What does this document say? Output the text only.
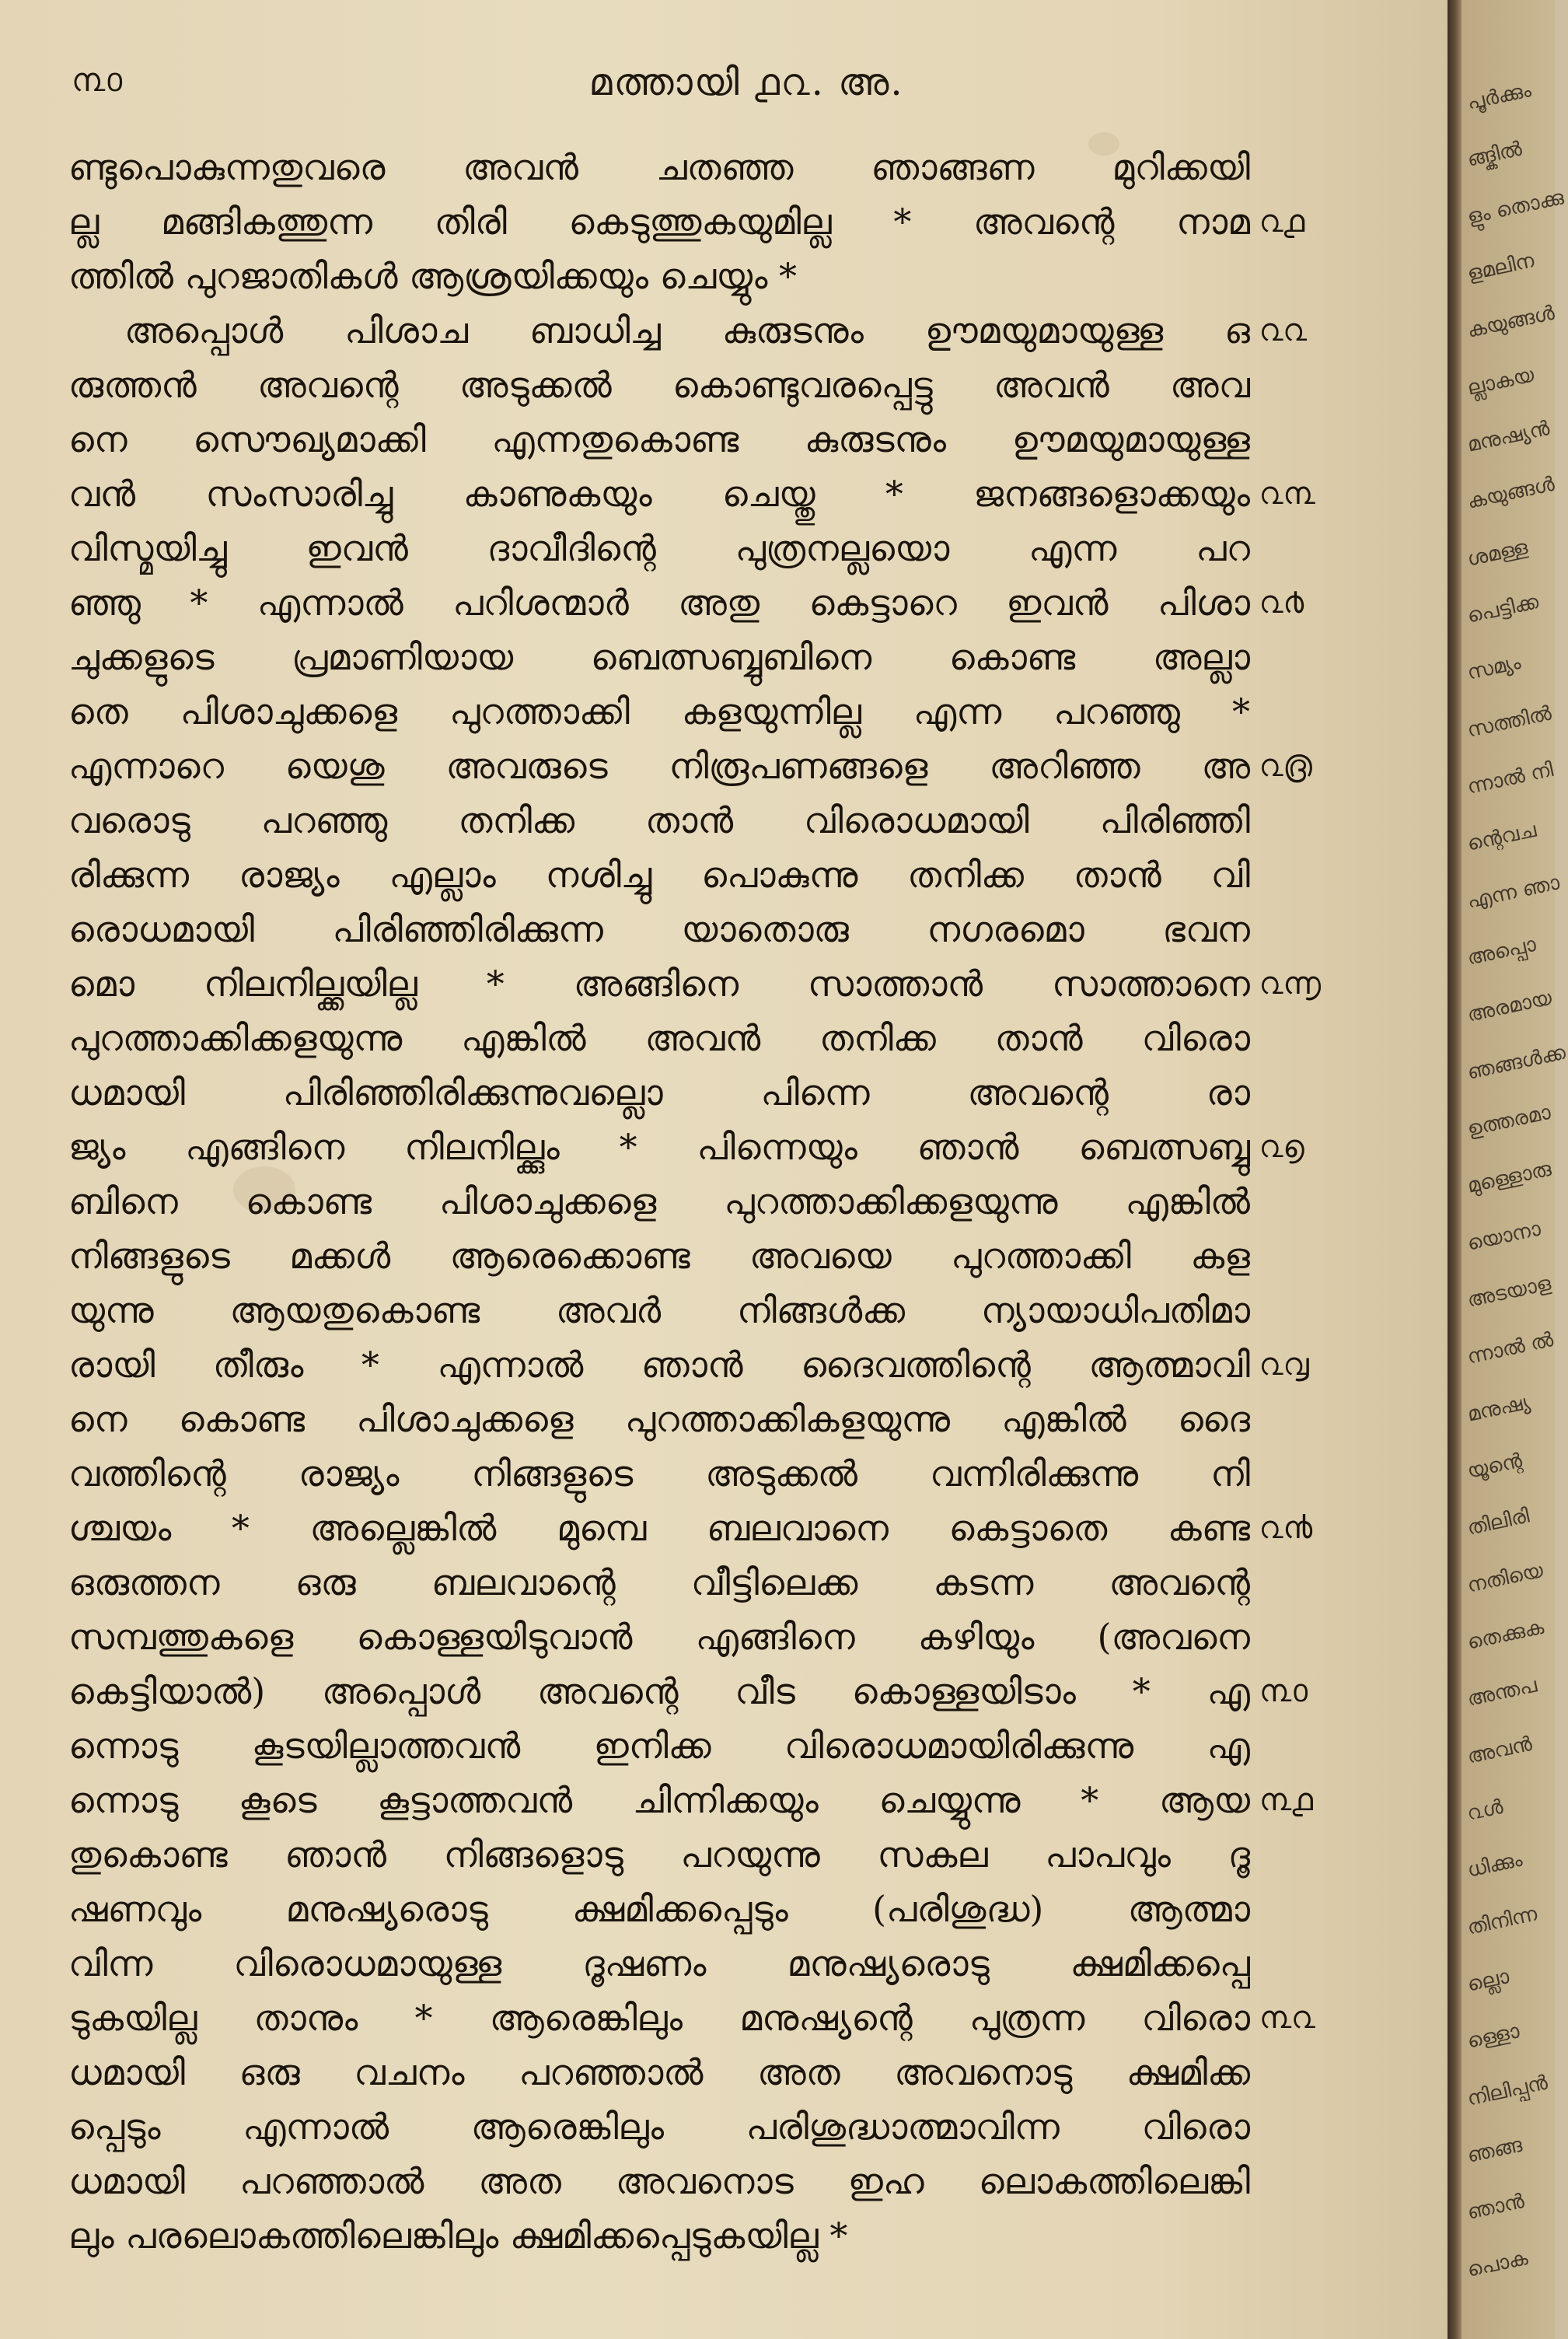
൩൦	മത്തായി ൧൨. അ.
ണ്ടുപൊകുന്നതുവരെ അവൻ ചതഞ്ഞ ഞാങ്ങണ മുറിക്കയി
ല്ല മങ്ങികത്തുന്ന തിരി കെടുത്തുകയുമില്ല * അവന്റെ നാമ
ത്തിൽ പുറജാതികൾ ആശ്രയിക്കയും ചെയ്യും *
അപ്പൊൾ പിശാച ബാധിച്ച കുരുടനും ഊമയുമായുള്ള ഒ
രുത്തൻ അവന്റെ അടുക്കൽ കൊണ്ടുവരപ്പെട്ടു അവൻ അവ
നെ സൌഖ്യമാക്കി എന്നതുകൊണ്ട കുരുടനും ഊമയുമായുള്ള
വൻ സംസാരിച്ചു കാണുകയും ചെയ്തു * ജനങ്ങളൊക്കയും
വിസ്മയിച്ചു ഇവൻ ദാവീദിന്റെ പുത്രനല്ലയൊ എന്ന പറ
ഞ്ഞു * എന്നാൽ പറിശന്മാർ അതു കെട്ടാറെ ഇവൻ പിശാ
ചുക്കളുടെ പ്രമാണിയായ ബെത്സബ്ബുബിനെ കൊണ്ട അല്ലാ
തെ പിശാചുക്കളെ പുറത്താക്കി കളയുന്നില്ല എന്ന പറഞ്ഞു *
എന്നാറെ യെശു അവരുടെ നിരൂപണങ്ങളെ അറിഞ്ഞ അ
വരൊടു പറഞ്ഞു തനിക്ക താൻ വിരൊധമായി പിരിഞ്ഞി
രിക്കുന്ന രാജ്യം എല്ലാം നശിച്ചു പൊകുന്നു തനിക്ക താൻ വി
രൊധമായി പിരിഞ്ഞിരിക്കുന്ന യാതൊരു നഗരമൊ ഭവന
മൊ നിലനില്ക്കയില്ല * അങ്ങിനെ സാത്താൻ സാത്താനെ
പുറത്താക്കിക്കളയുന്നു എങ്കിൽ അവൻ തനിക്ക താൻ വിരൊ
ധമായി പിരിഞ്ഞിരിക്കുന്നുവല്ലൊ പിന്നെ അവന്റെ രാ
ജ്യം എങ്ങിനെ നിലനില്ക്കും * പിന്നെയും ഞാൻ ബെത്സബ്ബു
ബിനെ കൊണ്ട പിശാചുക്കളെ പുറത്താക്കിക്കളയുന്നു എങ്കിൽ
നിങ്ങളുടെ മക്കൾ ആരെക്കൊണ്ട അവയെ പുറത്താക്കി കള
യുന്നു ആയതുകൊണ്ട അവർ നിങ്ങൾക്ക ന്യായാധിപതിമാ
രായി തീരും * എന്നാൽ ഞാൻ ദൈവത്തിന്റെ ആത്മാവി
നെ കൊണ്ട പിശാചുക്കളെ പുറത്താക്കികളയുന്നു എങ്കിൽ ദൈ
വത്തിന്റെ രാജ്യം നിങ്ങളുടെ അടുക്കൽ വന്നിരിക്കുന്നു നി
ശ്ചയം * അല്ലെങ്കിൽ മുമ്പെ ബലവാനെ കെട്ടാതെ കണ്ട
ഒരുത്തന ഒരു ബലവാന്റെ വീട്ടിലെക്ക കടന്ന അവന്റെ
സമ്പത്തുകളെ കൊള്ളയിടുവാൻ എങ്ങിനെ കഴിയും (അവനെ
കെട്ടിയാൽ) അപ്പൊൾ അവന്റെ വീട കൊള്ളയിടാം * എ
ന്നൊടു കൂടയില്ലാത്തവൻ ഇനിക്ക വിരൊധമായിരിക്കുന്നു എ
ന്നൊടു കൂടെ കൂട്ടാത്തവൻ ചിന്നിക്കയും ചെയ്യുന്നു * ആയ
തുകൊണ്ട ഞാൻ നിങ്ങളൊടു പറയുന്നു സകല പാപവും ദൂ
ഷണവും മനുഷ്യരൊടു ക്ഷമിക്കപ്പെടും (പരിശുദ്ധ) ആത്മാ
വിന്ന വിരൊധമായുള്ള ദൂഷണം മനുഷ്യരൊടു ക്ഷമിക്കപ്പെ
ടുകയില്ല താനും * ആരെങ്കിലും മനുഷ്യന്റെ പുത്രന്ന വിരൊ
ധമായി ഒരു വചനം പറഞ്ഞാൽ അത അവനൊടു ക്ഷമിക്ക
പ്പെടും എന്നാൽ ആരെങ്കിലും പരിശുദ്ധാത്മാവിന്ന വിരൊ
ധമായി പറഞ്ഞാൽ അത അവനൊട ഇഹ ലൊകത്തിലെങ്കി
ലും പരലൊകത്തിലെങ്കിലും ക്ഷമിക്കപ്പെടുകയില്ല *
൨൧
൨൨
൨൩
൨൪
൨൫
൨൬
൨൭
൨൮
൨൯
൩൦
൩൧
൩൨
പൂർക്കും
ങ്ങ്കിൽ
ളും തൊക്കു
ളമലിന
കയുങ്ങൾ
ല്ലാകയ
മനുഷ്യൻ
കയുങ്ങൾ
ശമള്ള
പെട്ടിക്ക
സമ്യം
സത്തിൽ
ന്നാൽ നി
ന്റെവച
എന്ന ഞാ
അപ്പൊ
അരമായ
ഞങ്ങൾക്ക
ഉത്തരമാ
മുള്ളൊരു
യൊനാ
അടയാള
ന്നാൽ ൽ
മനുഷ്യ
യൂന്റെ
തിലിരി
നതിയെ
തെക്കുക
അന്തപ
അവൻ
൨ൾ
ധിക്കും
തിനിന്ന
ല്ലൊ
ള്ളൊ
നിലിപ്പൻ
ഞങ്ങ
ഞാൻ
പൊക
